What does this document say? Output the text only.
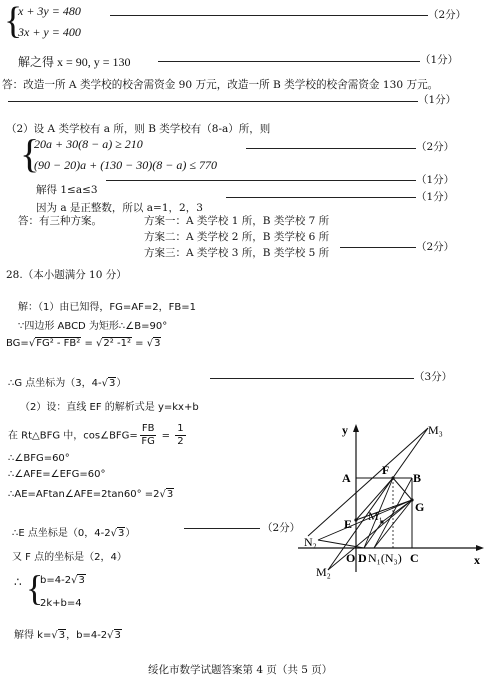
{
x + 3y = 480
3x + y = 400
（2分）
解之得 x = 90, y = 130	（1分）
答：改造一所 A 类学校的校舍需资金 90 万元，改造一所 B 类学校的校舍需资金 130 万元。
（1分）
（2）设 A 类学校有 a 所，则 B 类学校有（8-a）所，则
{
20a + 30(8 − a) ≥ 210
(90 − 20)a + (130 − 30)(8 − a) ≤ 770
（2分）
解得 1≤a≤3
（1分）
因为 a 是正整数，所以 a=1，2，3
（1分）
答：有三种方案。	方案一：A 类学校 1 所，B 类学校 7 所
方案二：A 类学校 2 所，B 类学校 6 所
方案三：A 类学校 3 所，B 类学校 5 所	（2分）
28.（本小题满分 10 分）
解：（1）由已知得，FG=AF=2，FB=1
∵四边形 ABCD 为矩形∴∠B=90°
BG=√FG² - FB² = √2² -1² = √3
∴G 点坐标为（3，4-√3）
（3分）
（2）设：直线 EF 的解析式是 y=kx+b
在 Rt△BFG 中，cos∠BFG= $\frac{FB}{FG} = \frac{1}{2}$
∴∠BFG=60°
∴∠AFE=∠EFG=60°
∴AE=AFtan∠AFE=2tan60° =2√3
∴E 点坐标是（0，4-2√3）	（2分）
又 F 点的坐标是（2，4）
∴ {
b=4-2√3
2k+b=4
解得 k=√3，b=4-2√3
y
x
A
F
B
G
E
M₁
M₂
M₃
N₂
O D N₁(N₃) C
绥化市数学试题答案第 4 页（共 5 页）
